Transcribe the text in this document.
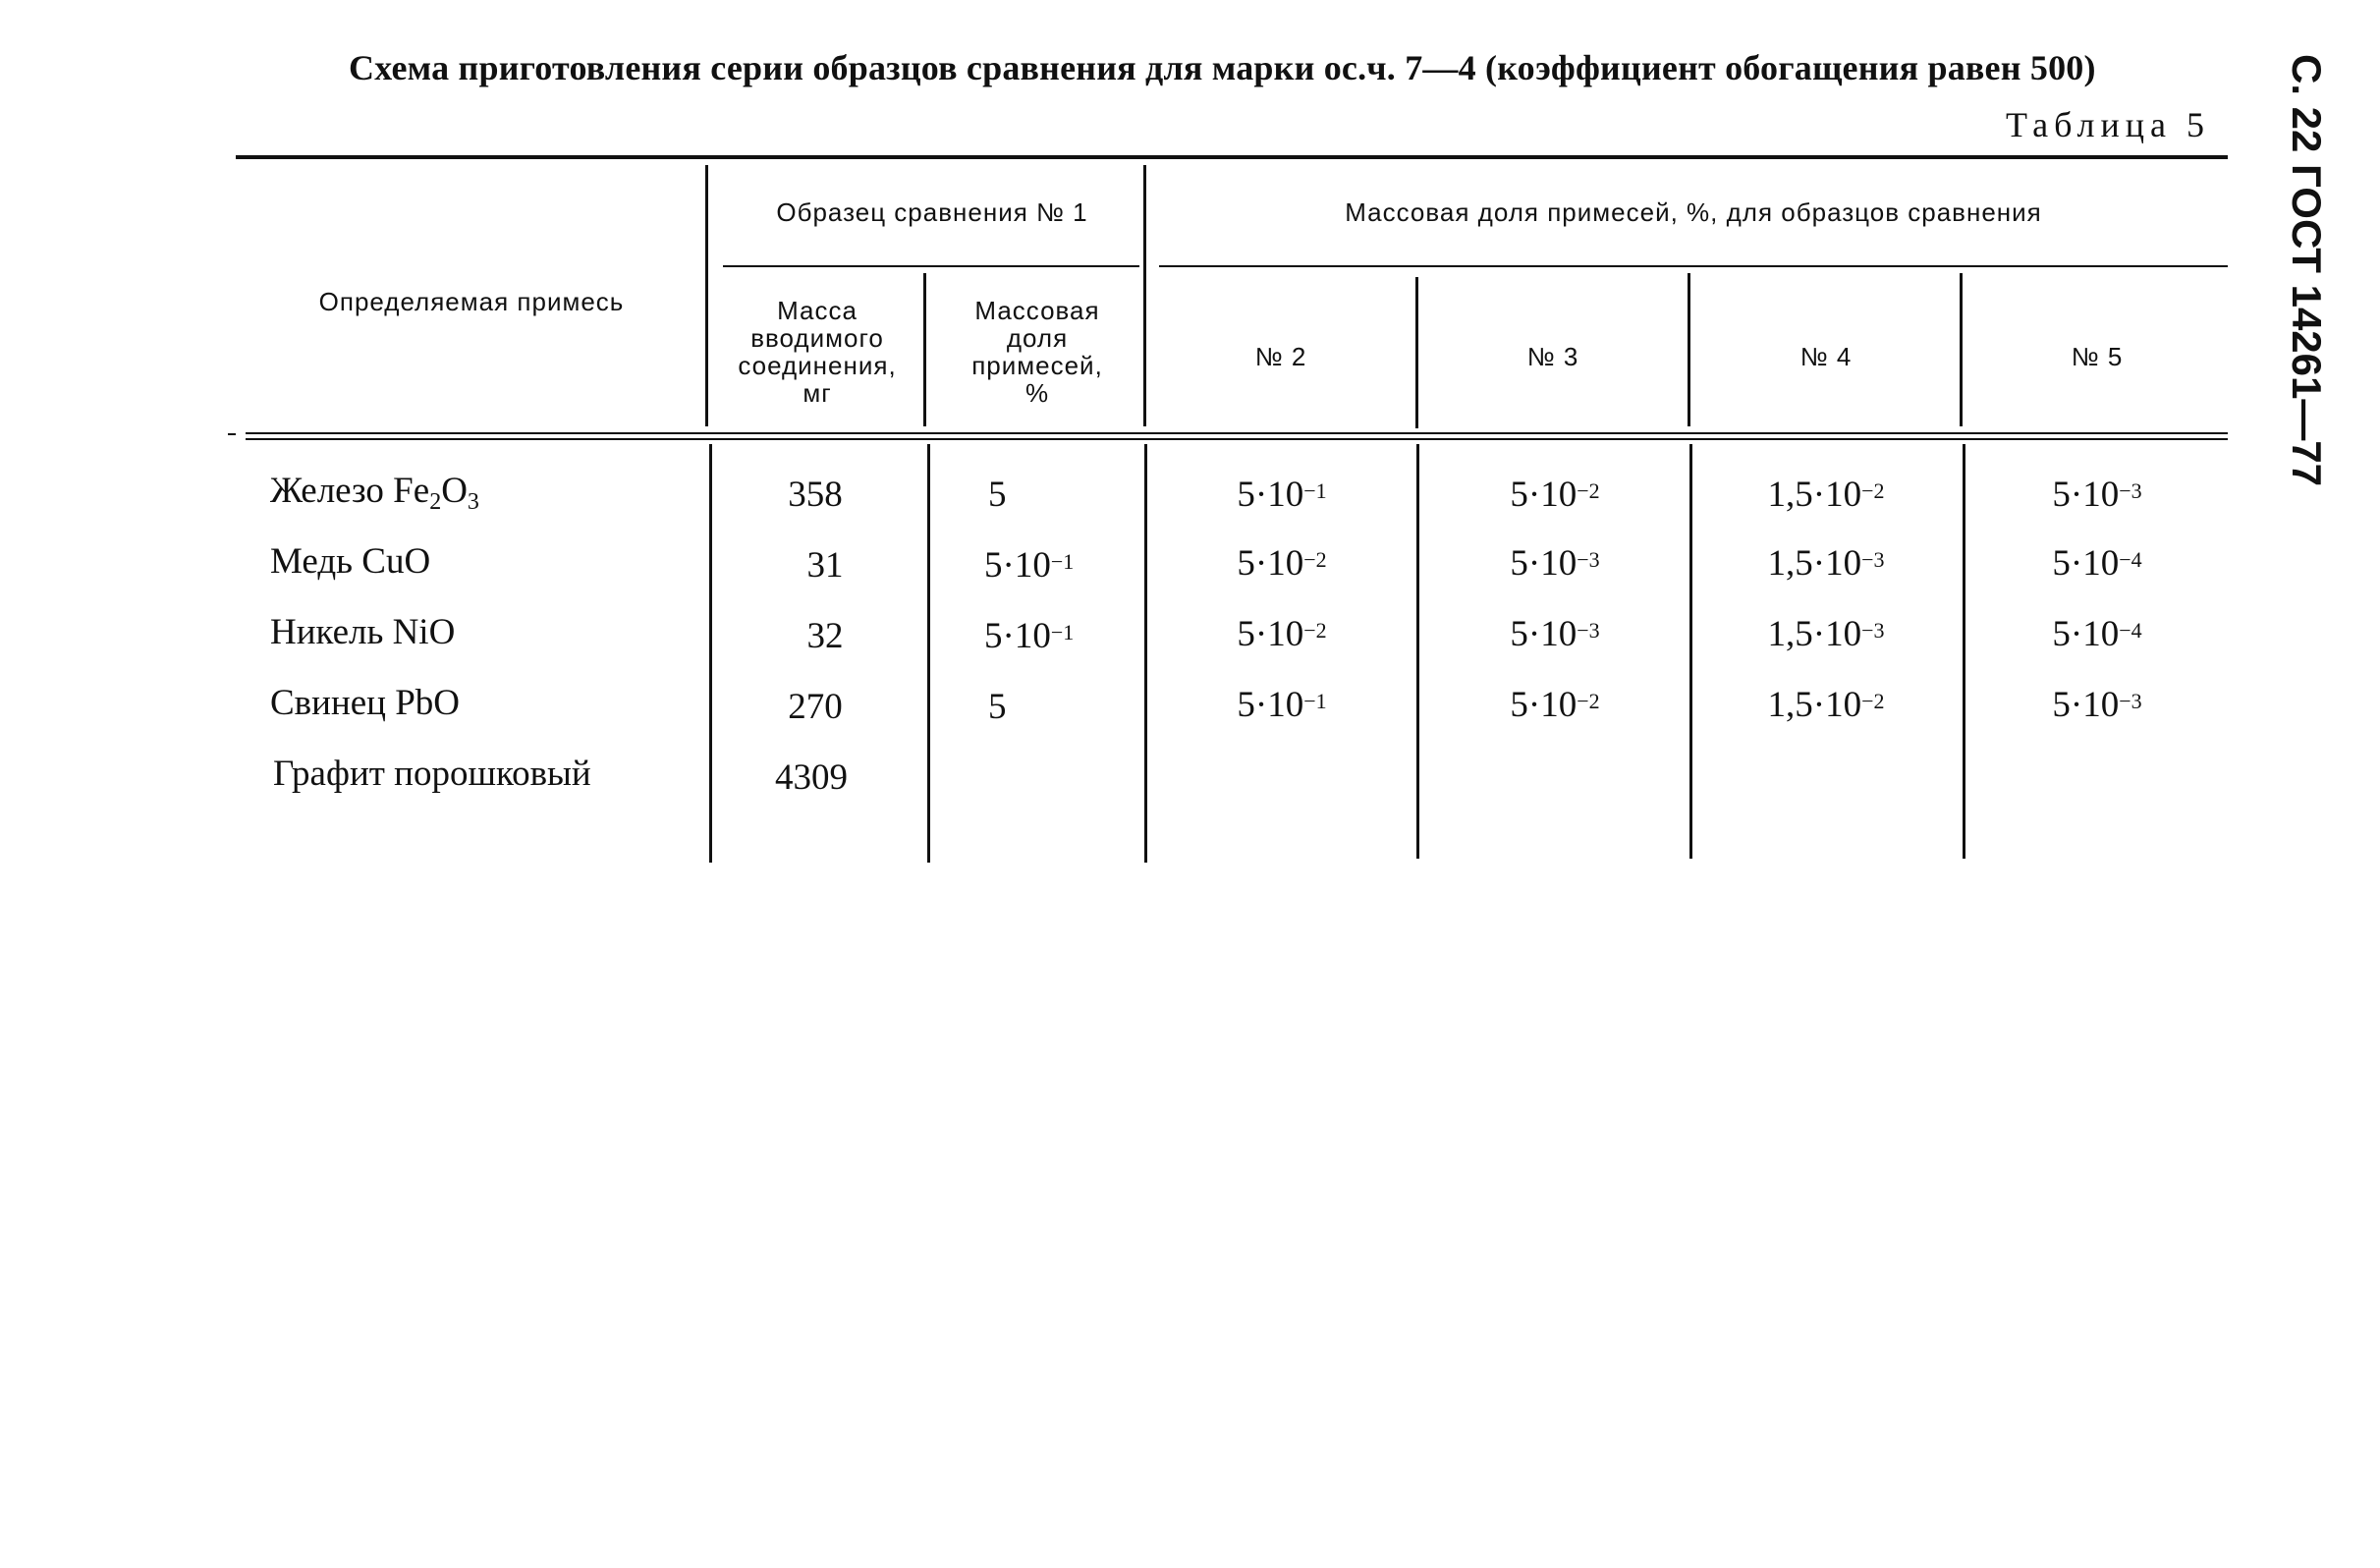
Схема приготовления серии образцов сравнения для марки ос.ч. 7—4 (коэффициент обогащения равен 500)
Таблица 5 С. 22 ГОСТ 14261—77
Определяемая примесь
Образец сравнения № 1
Масса вводимого соединения, мг
Массовая доля примесей, %
Массовая доля примесей, %, для образцов сравнения
№ 2	№ 3	№ 4	№ 5
Железо $Fe_2O_3$	358	5	$5\cdot 10^{-1}$	$5\cdot 10^{-2}$	$1,5\cdot 10^{-2}$	$5\cdot 10^{-3}$
Медь CuO	31	$5\cdot 10^{-1}$	$5\cdot 10^{-2}$	$5\cdot 10^{-3}$	$1,5\cdot 10^{-3}$	$5\cdot 10^{-4}$
Никель NiO	32	$5\cdot 10^{-1}$	$5\cdot 10^{-2}$	$5\cdot 10^{-3}$	$1,5\cdot 10^{-3}$	$5\cdot 10^{-4}$
Свинец PbO	270	5	$5\cdot 10^{-1}$	$5\cdot 10^{-2}$	$1,5\cdot 10^{-2}$	$5\cdot 10^{-3}$
Графит порошковый	4309
